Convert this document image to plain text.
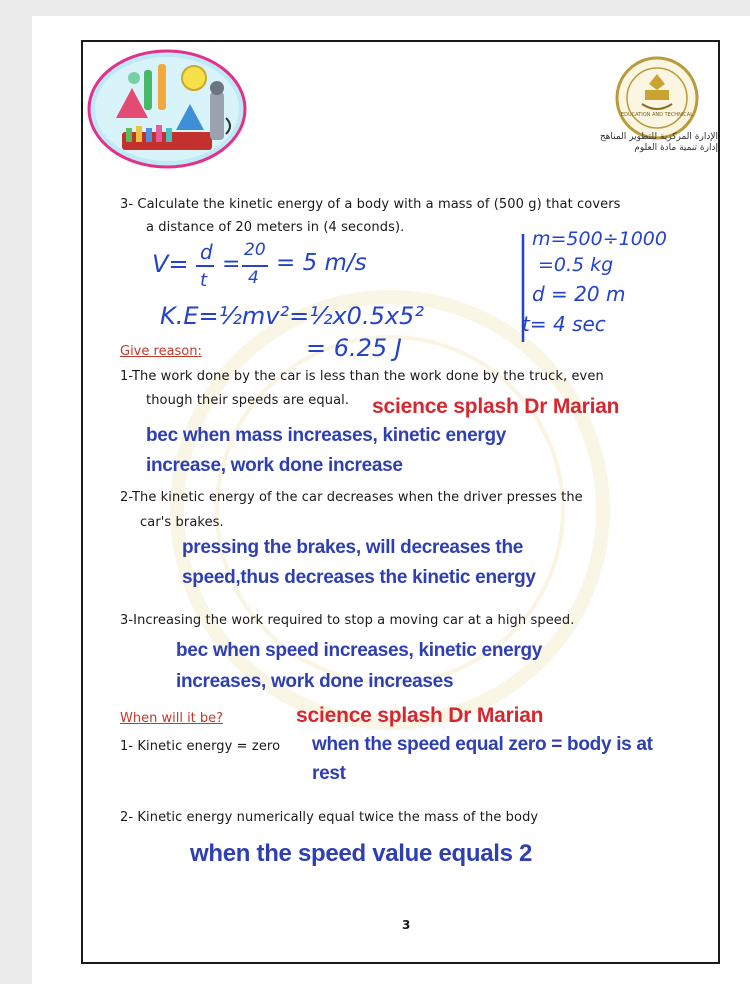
EDUCATION AND TECHNICAL
الإدارة المركزية للتطوير المناهج
إدارة تنمية مادة العلوم
3- Calculate the kinetic energy of a body with a mass of (500 g) that covers
a distance of 20 meters in (4 seconds).
V= d
t
=
20
4
= 5 m/s
K.E=½mv²=½x0.5x5²
= 6.25 J
m=500÷1000
=0.5 kg
d = 20 m
t= 4 sec
Give reason:
1-The work done by the car is less than the work done by the truck, even
though their speeds are equal. science splash Dr Marian
bec when mass increases, kinetic energy
increase, work done increase
2-The kinetic energy of the car decreases when the driver presses the
car's brakes.
pressing the brakes, will decreases the
speed,thus decreases the kinetic energy
3-Increasing the work required to stop a moving car at a high speed.
bec when speed increases, kinetic energy
increases, work done increases
When will it be?	science splash Dr Marian
1- Kinetic energy = zero when the speed equal zero = body is at
rest
2- Kinetic energy numerically equal twice the mass of the body
when the speed value equals 2
3
